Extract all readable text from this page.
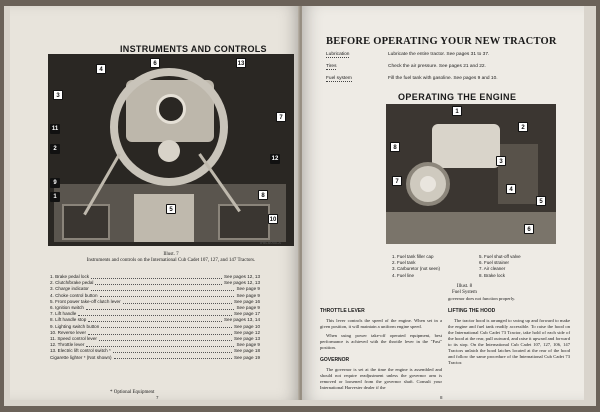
INSTRUMENTS AND CONTROLS
3
4
6	13
7
11
2
12
9
1	8
5
10
IHB-6055-A
Illust. 7
Instruments and controls on the International Cub Cadet 107, 127, and 147 Tractors.
1. Brake pedal lock	See pages 12, 13
2. Clutch/brake pedal	See pages 12, 13
3. Charge indicator	See page 9
4. Choke control button	See page 9
5. Front power take-off clutch lever	See page 16
6. Ignition switch	See page 9
7. Lift handle	See page 17
8. Lift handle stop	See pages 13, 14
9. Lighting switch button	See page 10
10. Reverse lever	See page 12
11. Speed control lever	See page 13
12. Throttle lever	See page 9
13. Electric lift control switch *	See page 18
Cigarette lighter * (Not shown)	See page 19
* Optional Equipment
7
BEFORE OPERATING YOUR NEW TRACTOR
Lubrication	Lubricate the entire tractor. See pages 31 to 37.
Tires	Check the air pressure. See pages 21 and 22.
Fuel system	Fill the fuel tank with gasoline. See pages 9 and 10.
OPERATING THE ENGINE
1
2
8
3
7
4
5
6
1. Fuel tank filler cap	5. Fuel shut-off valve
2. Fuel tank	6. Fuel strainer
3. Carburetor (not seen)	7. Air cleaner
4. Fuel line	8. Brake lock
Illust. 8
Fuel System
THROTTLE LEVER

This lever controls the speed of the engine. When set in a given position, it will maintain a uniform engine speed.

When using power take-off operated equipment, best performance is achieved with the throttle lever in the "Fast" position.

GOVERNOR

The governor is set at the time the engine is assembled and should not require readjustment unless the governor arm is removed or loosened from the governor shaft. Consult your International Harvester dealer if the

governor does not function properly.

LIFTING THE HOOD

The tractor hood is arranged to swing up and forward to make the engine and fuel tank readily accessible. To raise the hood on the International Cub Cadet 73 Tractor, take hold of each side of the hood at the rear, pull outward, and raise it upward and forward to its stop. On the International Cub Cadet 107, 127, 106, 147 Tractors unlatch the hood latches located at the rear of the hood and follow the same procedure of the International Cub Cadet 73 Tractor.

8
